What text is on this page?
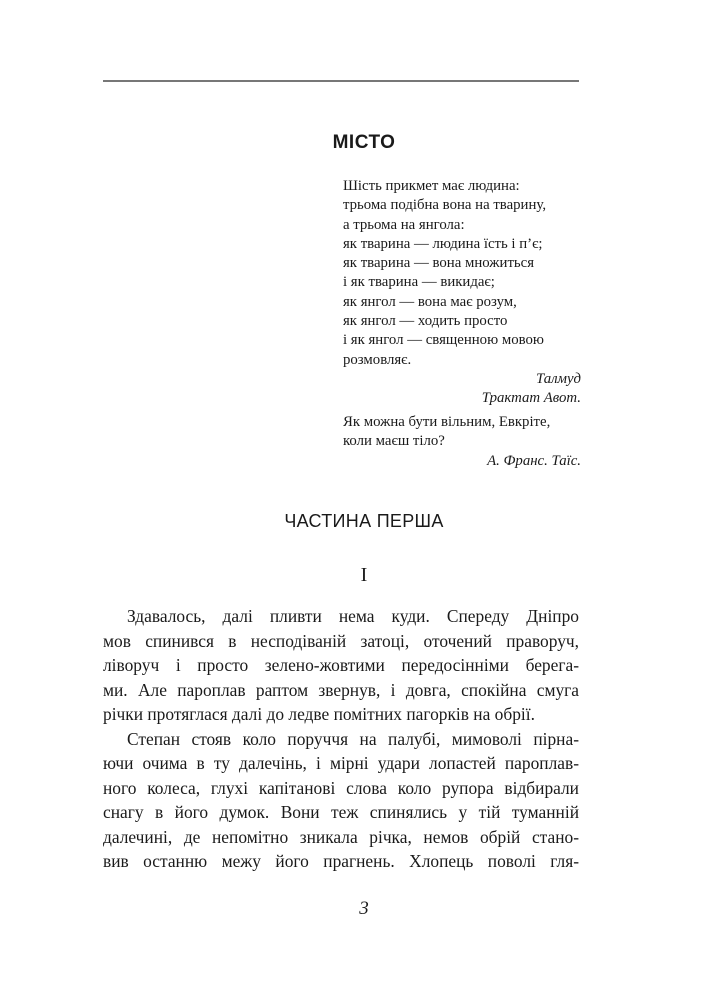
МІСТО
Шість прикмет має людина:
трьома подібна вона на тварину,
а трьома на янгола:
як тварина — людина їсть і п’є;
як тварина — вона множиться
і як тварина — викидає;
як янгол — вона має розум,
як янгол — ходить просто
і як янгол — священною мовою
розмовляє.
Талмуд
Трактат Авот.
Як можна бути вільним, Евкріте,
коли маєш тіло?
А. Франс. Таїс.
ЧАСТИНА ПЕРША
I
Здавалось, далі пливти нема куди. Спереду Дніпро
мов спинився в несподіваній затоці, оточений праворуч,
ліворуч і просто зелено-жовтими передосінніми берега-
ми. Але пароплав раптом звернув, і довга, спокійна смуга
річки протяглася далі до ледве помітних пагорків на обрії.
Степан стояв коло поруччя на палубі, мимоволі пірна-
ючи очима в ту далечінь, і мірні удари лопастей пароплав-
ного колеса, глухі капітанові слова коло рупора відбирали
снагу в його думок. Вони теж спинялись у тій туманній
далечині, де непомітно зникала річка, немов обрій стано-
вив останню межу його прагнень. Хлопець поволі гля-
3
